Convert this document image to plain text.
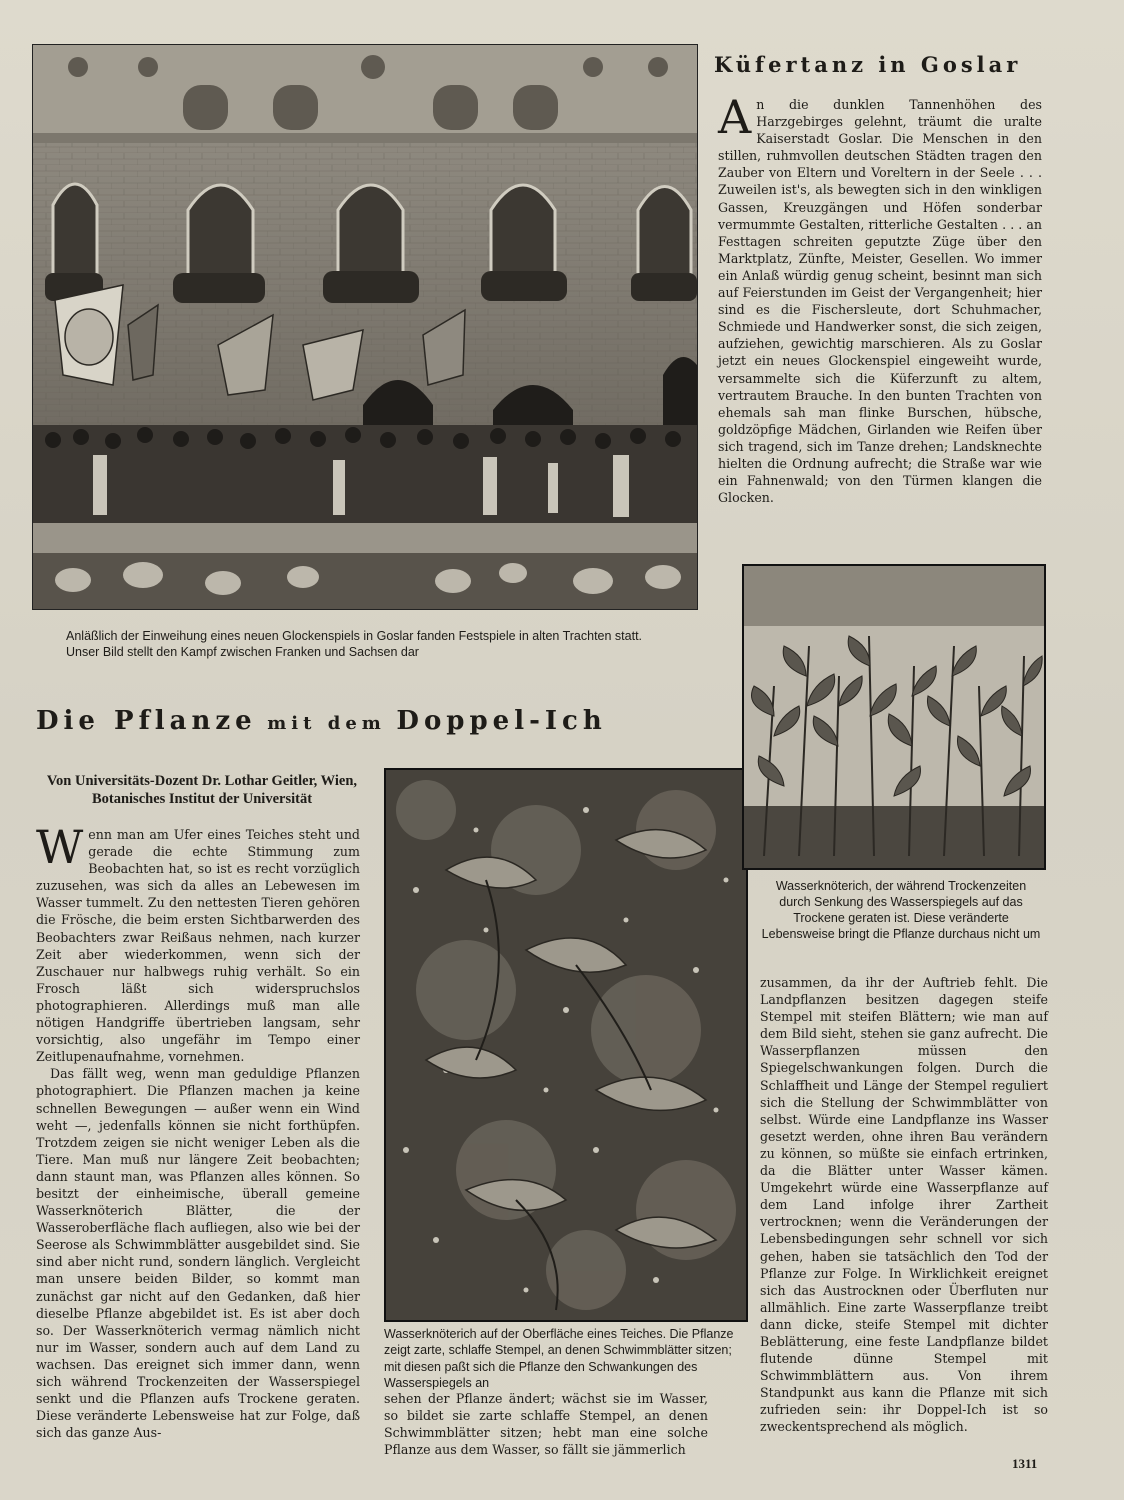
Küfertanz in Goslar
An die dunklen Tannenhöhen des Harzgebirges gelehnt, träumt die uralte Kaiserstadt Goslar. Die Menschen in den stillen, ruhmvollen deutschen Städten tragen den Zauber von Eltern und Voreltern in der Seele . . . Zuweilen ist's, als bewegten sich in den winkligen Gassen, Kreuzgängen und Höfen sonderbar vermummte Gestalten, ritterliche Gestalten . . . an Festtagen schreiten geputzte Züge über den Marktplatz, Zünfte, Meister, Gesellen. Wo immer ein Anlaß würdig genug scheint, besinnt man sich auf Feierstunden im Geist der Vergangenheit; hier sind es die Fischersleute, dort Schuhmacher, Schmiede und Handwerker sonst, die sich zeigen, aufziehen, gewichtig marschieren. Als zu Goslar jetzt ein neues Glockenspiel eingeweiht wurde, versammelte sich die Küferzunft zu altem, vertrautem Brauche. In den bunten Trachten von ehemals sah man flinke Burschen, hübsche, goldzöpfige Mädchen, Girlanden wie Reifen über sich tragend, sich im Tanze drehen; Landsknechte hielten die Ordnung aufrecht; die Straße war wie ein Fahnenwald; von den Türmen klangen die Glocken.
Anläßlich der Einweihung eines neuen Glockenspiels in Goslar fanden Festspiele in alten Trachten statt. Unser Bild stellt den Kampf zwischen Franken und Sachsen dar
Die Pflanze mit dem Doppel-Ich
Von Universitäts-Dozent Dr. Lothar Geitler, Wien, Botanisches Institut der Universität

Wenn man am Ufer eines Teiches steht und gerade die echte Stimmung zum Beobachten hat, so ist es recht vorzüglich zuzusehen, was sich da alles an Lebewesen im Wasser tummelt. Zu den nettesten Tieren gehören die Frösche, die beim ersten Sichtbarwerden des Beobachters zwar Reißaus nehmen, nach kurzer Zeit aber wiederkommen, wenn sich der Zuschauer nur halbwegs ruhig verhält. So ein Frosch läßt sich widerspruchslos photographieren. Allerdings muß man alle nötigen Handgriffe übertrieben langsam, sehr vorsichtig, also ungefähr im Tempo einer Zeitlupenaufnahme, vornehmen.

Das fällt weg, wenn man geduldige Pflanzen photographiert. Die Pflanzen machen ja keine schnellen Bewegungen — außer wenn ein Wind weht —, jedenfalls können sie nicht forthüpfen. Trotzdem zeigen sie nicht weniger Leben als die Tiere. Man muß nur längere Zeit beobachten; dann staunt man, was Pflanzen alles können. So besitzt der einheimische, überall gemeine Wasserknöterich Blätter, die der Wasseroberfläche flach aufliegen, also wie bei der Seerose als Schwimmblätter ausgebildet sind. Sie sind aber nicht rund, sondern länglich. Vergleicht man unsere beiden Bilder, so kommt man zunächst gar nicht auf den Gedanken, daß hier dieselbe Pflanze abgebildet ist. Es ist aber doch so. Der Wasserknöterich vermag nämlich nicht nur im Wasser, sondern auch auf dem Land zu wachsen. Das ereignet sich immer dann, wenn sich während Trockenzeiten der Wasserspiegel senkt und die Pflanzen aufs Trockene geraten. Diese veränderte Lebensweise hat zur Folge, daß sich das ganze Aus-

Wasserknöterich auf der Oberfläche eines Teiches. Die Pflanze zeigt zarte, schlaffe Stempel, an denen Schwimmblätter sitzen; mit diesen paßt sich die Pflanze den Schwankungen des Wasserspiegels an
sehen der Pflanze ändert; wächst sie im Wasser, so bildet sie zarte schlaffe Stempel, an denen Schwimmblätter sitzen; hebt man eine solche Pflanze aus dem Wasser, so fällt sie jämmerlich
Wasserknöterich, der während Trockenzeiten durch Senkung des Wasserspiegels auf das Trockene geraten ist. Diese veränderte Lebensweise bringt die Pflanze durchaus nicht um
zusammen, da ihr der Auftrieb fehlt. Die Landpflanzen besitzen dagegen steife Stempel mit steifen Blättern; wie man auf dem Bild sieht, stehen sie ganz aufrecht. Die Wasserpflanzen müssen den Spiegelschwankungen folgen. Durch die Schlaffheit und Länge der Stempel reguliert sich die Stellung der Schwimmblätter von selbst. Würde eine Landpflanze ins Wasser gesetzt werden, ohne ihren Bau verändern zu können, so müßte sie einfach ertrinken, da die Blätter unter Wasser kämen. Umgekehrt würde eine Wasserpflanze auf dem Land infolge ihrer Zartheit vertrocknen; wenn die Veränderungen der Lebensbedingungen sehr schnell vor sich gehen, haben sie tatsächlich den Tod der Pflanze zur Folge. In Wirklichkeit ereignet sich das Austrocknen oder Überfluten nur allmählich. Eine zarte Wasserpflanze treibt dann dicke, steife Stempel mit dichter Beblätterung, eine feste Landpflanze bildet flutende dünne Stempel mit Schwimmblättern aus. Von ihrem Standpunkt aus kann die Pflanze mit sich zufrieden sein: ihr Doppel-Ich ist so zweckentsprechend als möglich.
1311
